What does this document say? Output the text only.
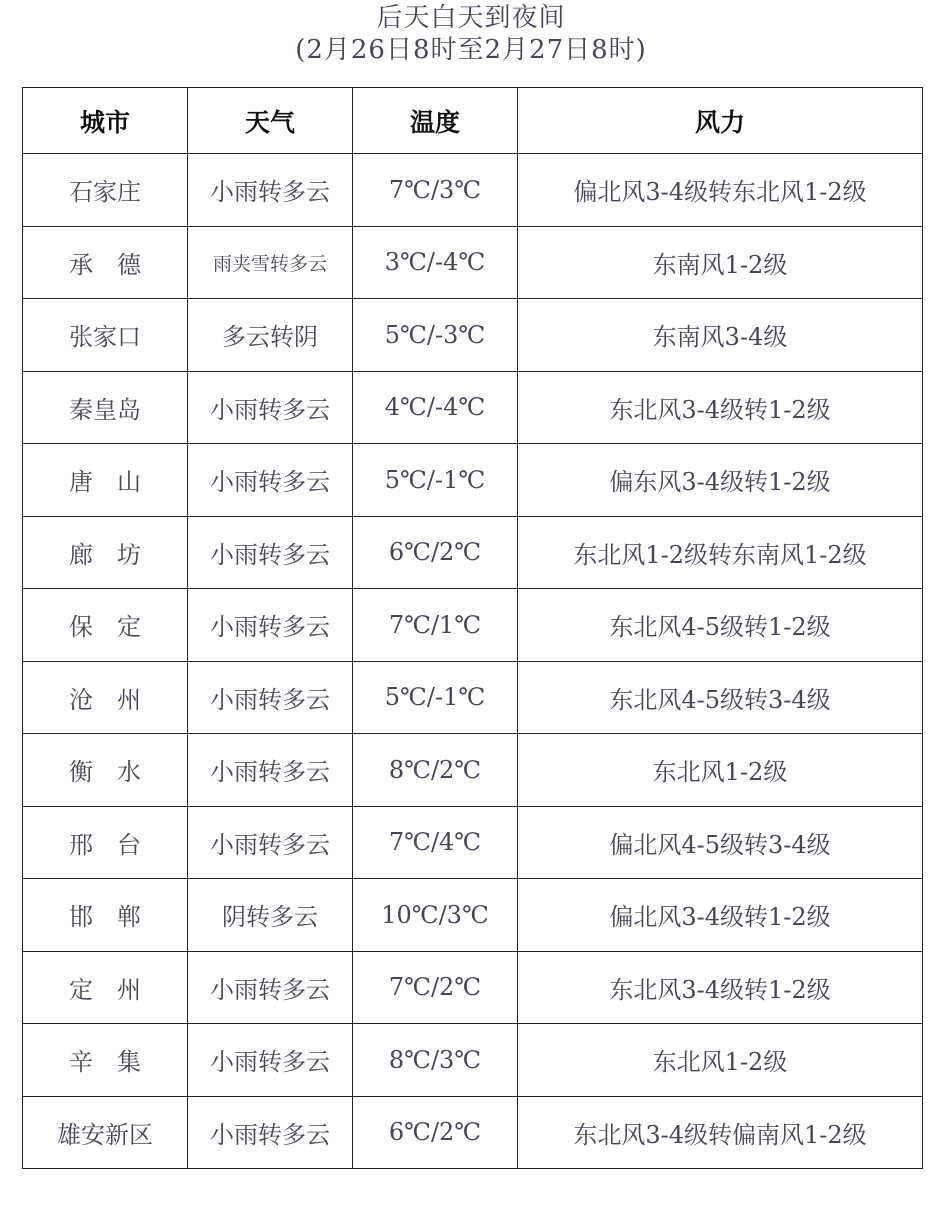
后天白天到夜间
(2月26日8时至2月27日8时)
城市	天气	温度	风力
石家庄	小雨转多云	7℃/3℃	偏北风3-4级转东北风1-2级
承德	雨夹雪转多云	3℃/-4℃	东南风1-2级
张家口	多云转阴	5℃/-3℃	东南风3-4级
秦皇岛	小雨转多云	4℃/-4℃	东北风3-4级转1-2级
唐山	小雨转多云	5℃/-1℃	偏东风3-4级转1-2级
廊坊	小雨转多云	6℃/2℃	东北风1-2级转东南风1-2级
保定	小雨转多云	7℃/1℃	东北风4-5级转1-2级
沧州	小雨转多云	5℃/-1℃	东北风4-5级转3-4级
衡水	小雨转多云	8℃/2℃	东北风1-2级
邢台	小雨转多云	7℃/4℃	偏北风4-5级转3-4级
邯郸	阴转多云	10℃/3℃	偏北风3-4级转1-2级
定州	小雨转多云	7℃/2℃	东北风3-4级转1-2级
辛集	小雨转多云	8℃/3℃	东北风1-2级
雄安新区	小雨转多云	6℃/2℃	东北风3-4级转偏南风1-2级
